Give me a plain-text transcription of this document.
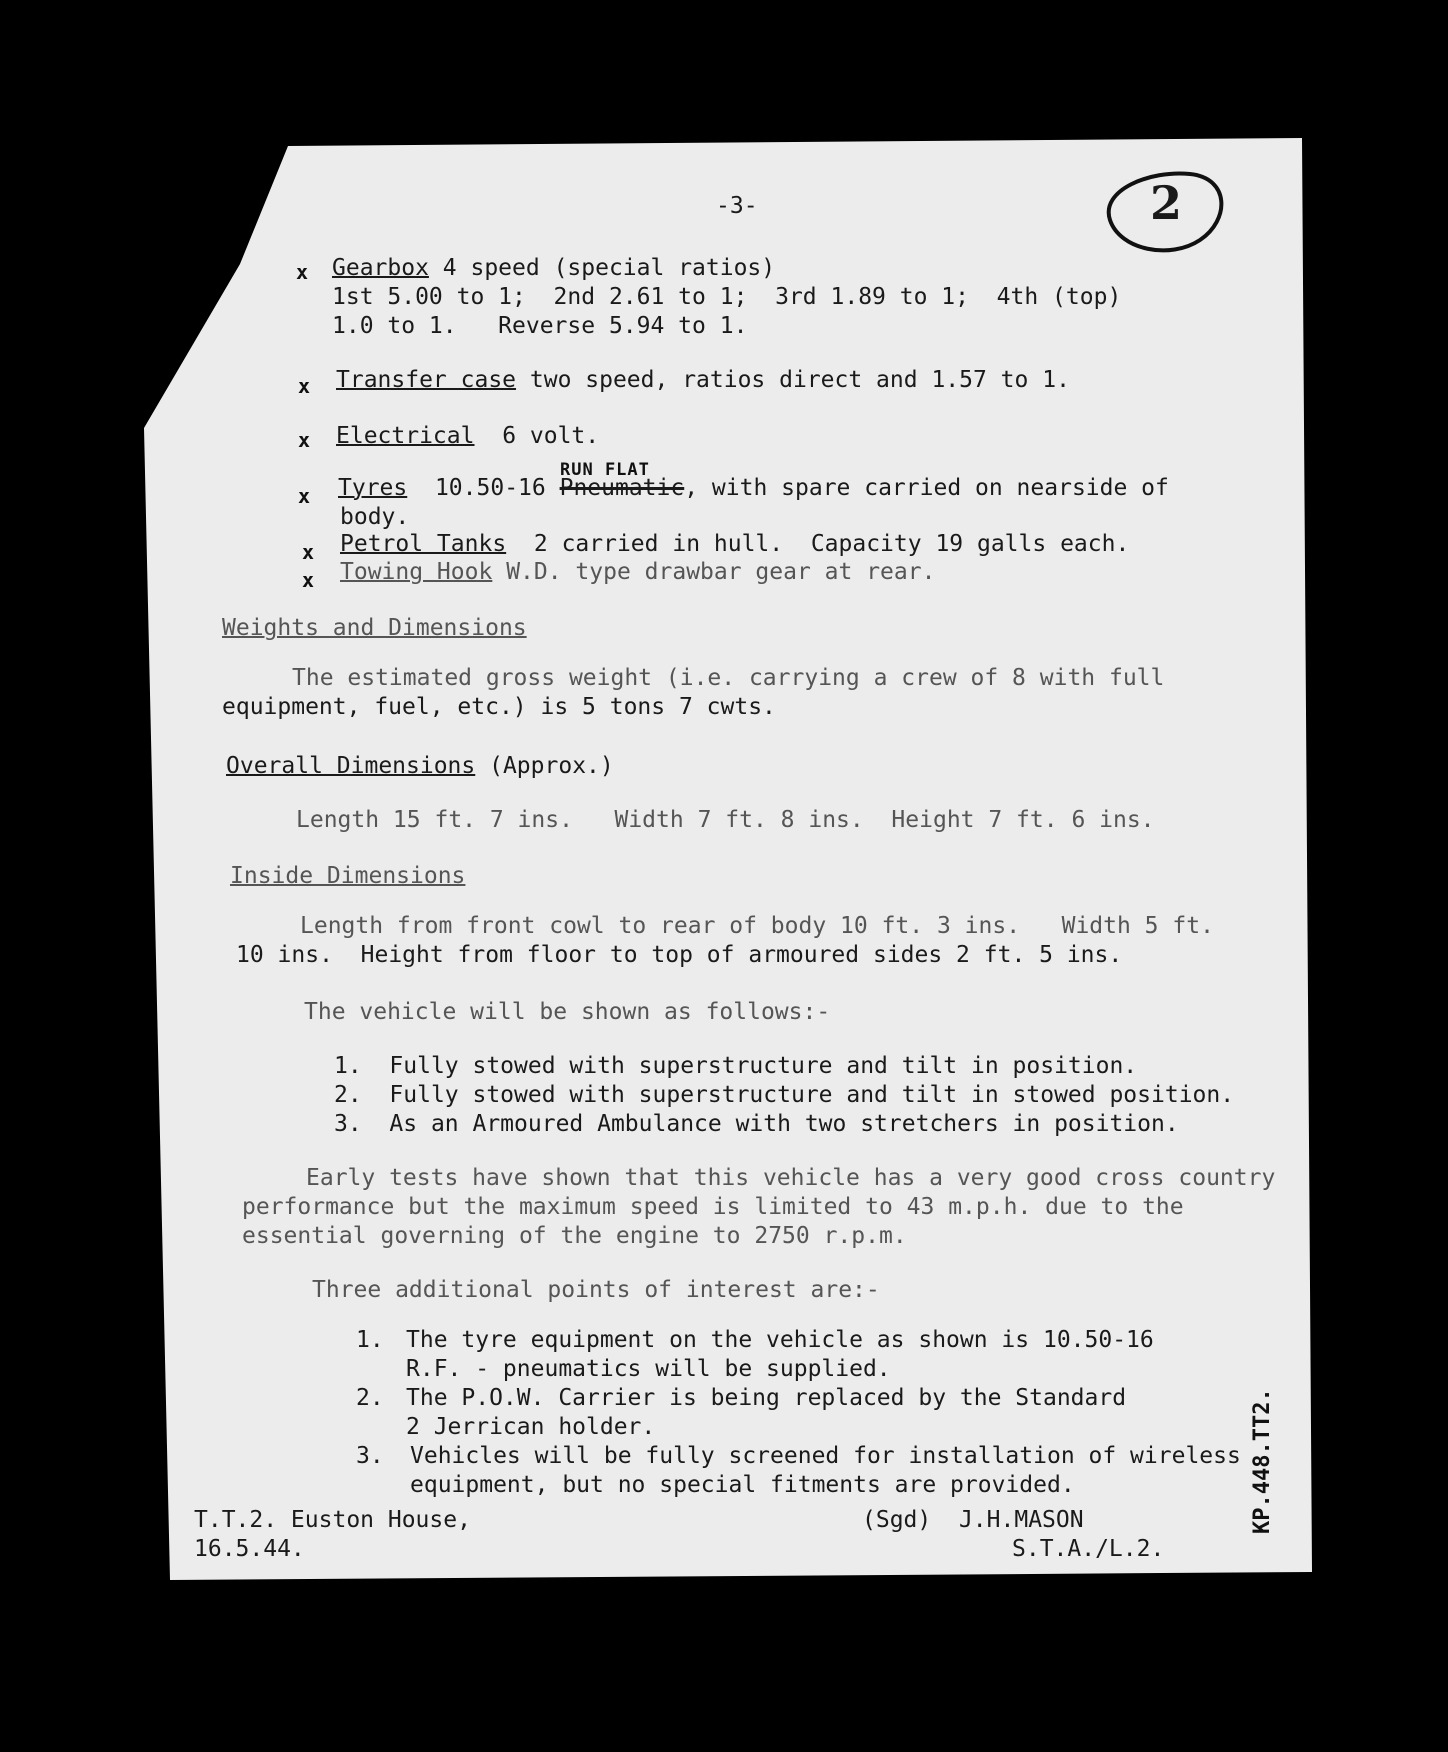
-3-	2
x Gearbox 4 speed (special ratios)
1st 5.00 to 1;  2nd 2.61 to 1;  3rd 1.89 to 1;  4th (top)
1.0 to 1.   Reverse 5.94 to 1.
x Transfer case two speed, ratios direct and 1.57 to 1.
x Electrical 6 volt.
RUN FLAT
x Tyres 10.50-16 Pneumatic, with spare carried on nearside of
body.
x Petrol Tanks 2 carried in hull.  Capacity 19 galls each.
x Towing Hook W.D. type drawbar gear at rear.
Weights and Dimensions
The estimated gross weight (i.e. carrying a crew of 8 with full
equipment, fuel, etc.) is 5 tons 7 cwts.
Overall Dimensions (Approx.)
Length 15 ft. 7 ins.   Width 7 ft. 8 ins.  Height 7 ft. 6 ins.
Inside Dimensions
Length from front cowl to rear of body 10 ft. 3 ins.   Width 5 ft.
10 ins.  Height from floor to top of armoured sides 2 ft. 5 ins.
The vehicle will be shown as follows:-
1. Fully stowed with superstructure and tilt in position.
2. Fully stowed with superstructure and tilt in stowed position.
3. As an Armoured Ambulance with two stretchers in position.
Early tests have shown that this vehicle has a very good cross country
performance but the maximum speed is limited to 43 m.p.h. due to the
essential governing of the engine to 2750 r.p.m.
Three additional points of interest are:-
1. The tyre equipment on the vehicle as shown is 10.50-16
R.F. - pneumatics will be supplied.
2. The P.O.W. Carrier is being replaced by the Standard
2 Jerrican holder.
3. Vehicles will be fully screened for installation of wireless
equipment, but no special fitments are provided.
T.T.2. Euston House,
16.5.44.
(Sgd) J.H.MASON
S.T.A./L.2.
KP.448.TT2.
